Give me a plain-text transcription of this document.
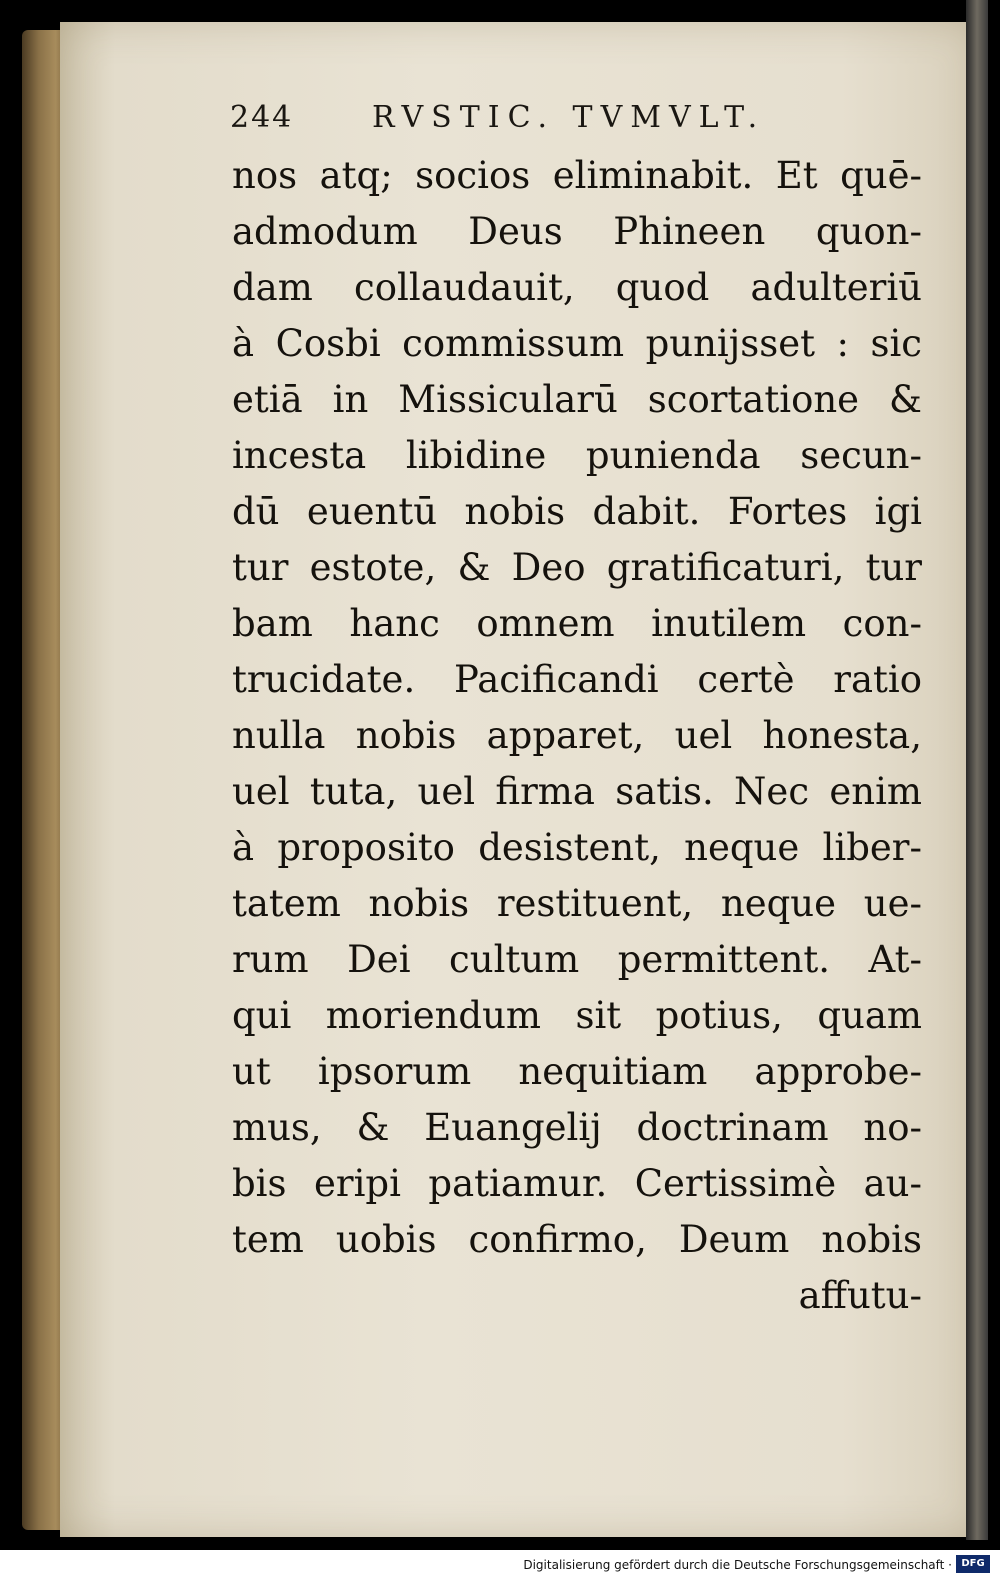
244	RVSTIC. TVMVLT.
nos atq; socios eliminabit. Et quē-
admodum Deus Phineen quon-
dam collaudauit, quod adulteriū
à Cosbi commissum punijsset : sic
etiā in Missicularū scortatione &
incesta libidine punienda secun-
dū euentū nobis dabit. Fortes igi
tur estote, & Deo gratificaturi, tur
bam hanc omnem inutilem con-
trucidate. Pacificandi certè ratio
nulla nobis apparet, uel honesta,
uel tuta, uel firma satis. Nec enim
à proposito desistent, neque liber-
tatem nobis restituent, neque ue-
rum Dei cultum permittent. At-
qui moriendum sit potius, quam
ut ipsorum nequitiam approbe-
mus, & Euangelij doctrinam no-
bis eripi patiamur. Certissimè au-
tem uobis confirmo, Deum nobis
affutu-
Digitalisierung gefördert durch die Deutsche Forschungsgemeinschaft · DFG
